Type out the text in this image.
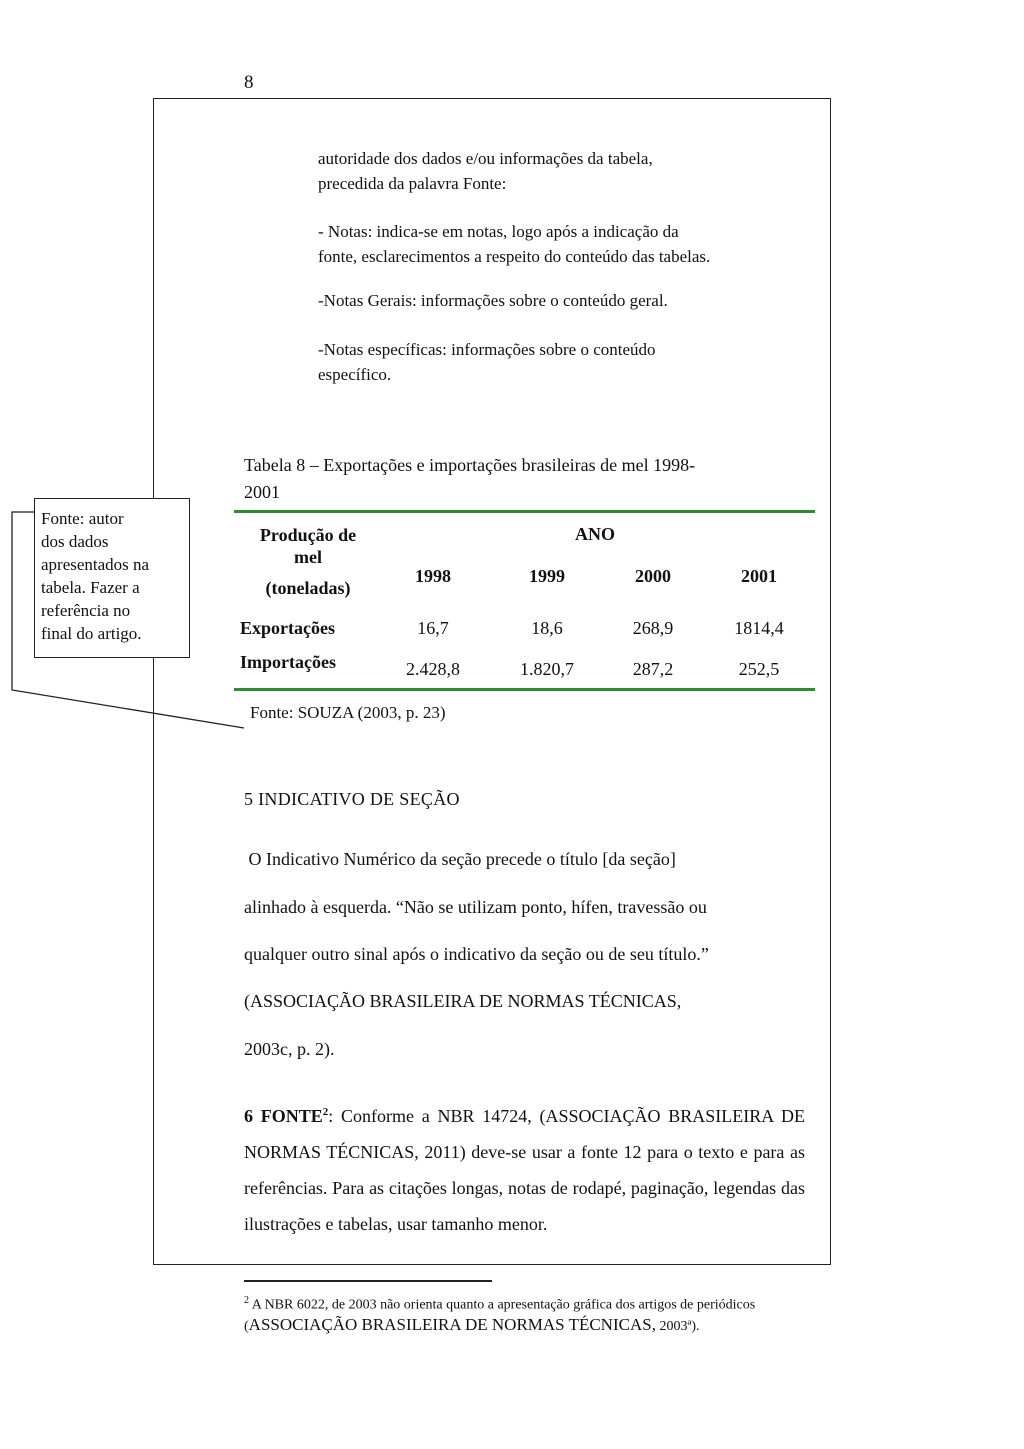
8
autoridade dos dados e/ou informações da tabela,
precedida da palavra Fonte:
- Notas: indica-se em notas, logo após a indicação da
fonte, esclarecimentos a respeito do conteúdo das tabelas.
-Notas Gerais: informações sobre o conteúdo geral.
-Notas específicas: informações sobre o conteúdo
específico.
Tabela 8 – Exportações e importações brasileiras de mel 1998-
2001
Produção de
mel
(toneladas)
ANO
1998	1999	2000	2001
Exportações	16,7	18,6	268,9	1814,4
Importações	2.428,8	1.820,7	287,2	252,5
Fonte: SOUZA (2003, p. 23)
Fonte: autor
dos dados
apresentados na
tabela. Fazer a
referência no
final do artigo.
5 INDICATIVO DE SEÇÃO
O Indicativo Numérico da seção precede o título [da seção]
alinhado à esquerda. “Não se utilizam ponto, hífen, travessão ou
qualquer outro sinal após o indicativo da seção ou de seu título.”
(ASSOCIAÇÃO BRASILEIRA DE NORMAS TÉCNICAS,
2003c, p. 2).
6 FONTE$^2$: Conforme a NBR 14724, (ASSOCIAÇÃO BRASILEIRA DE NORMAS TÉCNICAS, 2011) deve-se usar a fonte 12 para o texto e para as referências. Para as citações longas, notas de rodapé, paginação, legendas das ilustrações e tabelas, usar tamanho menor.
$^2$ A NBR 6022, de 2003 não orienta quanto a apresentação gráfica dos artigos de periódicos (ASSOCIAÇÃO BRASILEIRA DE NORMAS TÉCNICAS, 2003ª).
